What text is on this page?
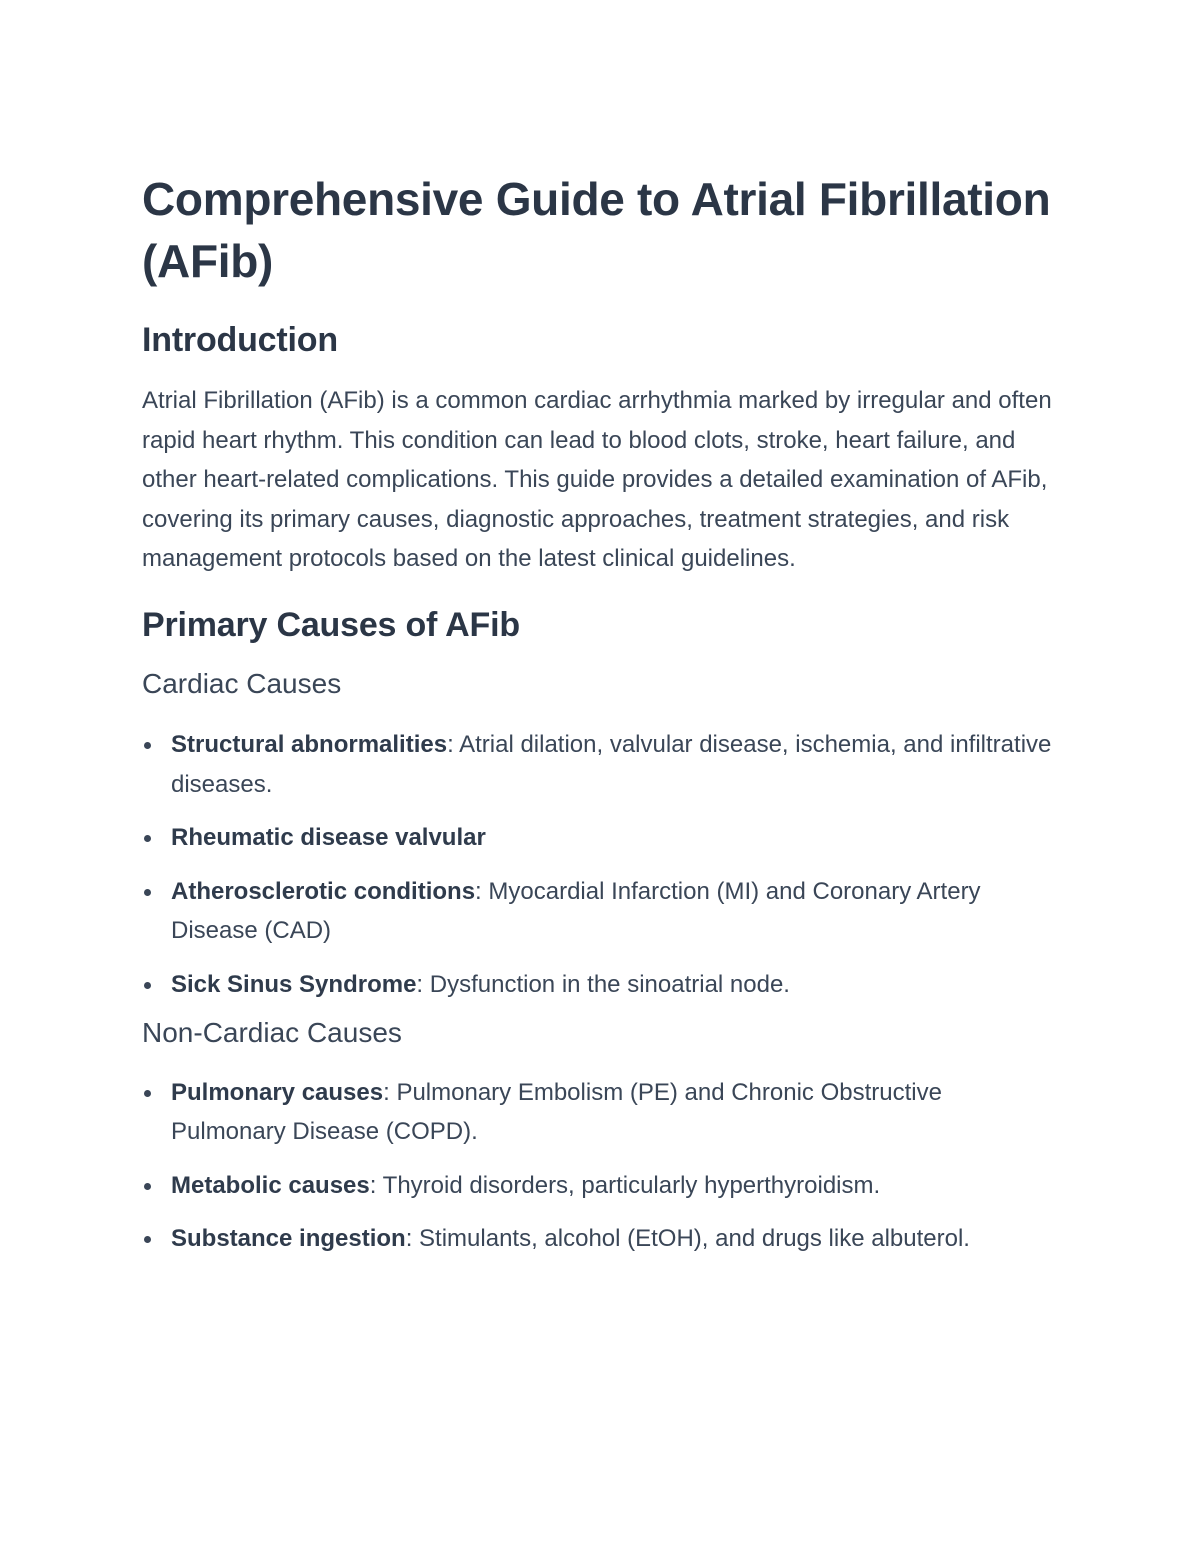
Comprehensive Guide to Atrial Fibrillation (AFib)
Introduction

Atrial Fibrillation (AFib) is a common cardiac arrhythmia marked by irregular and often rapid heart rhythm. This condition can lead to blood clots, stroke, heart failure, and other heart-related complications. This guide provides a detailed examination of AFib, covering its primary causes, diagnostic approaches, treatment strategies, and risk management protocols based on the latest clinical guidelines.

Primary Causes of AFib
Cardiac Causes
Structural abnormalities: Atrial dilation, valvular disease, ischemia, and infiltrative diseases.
Rheumatic disease valvular
Atherosclerotic conditions: Myocardial Infarction (MI) and Coronary Artery Disease (CAD)
Sick Sinus Syndrome: Dysfunction in the sinoatrial node.
Non-Cardiac Causes
Pulmonary causes: Pulmonary Embolism (PE) and Chronic Obstructive Pulmonary Disease (COPD).
Metabolic causes: Thyroid disorders, particularly hyperthyroidism.
Substance ingestion: Stimulants, alcohol (EtOH), and drugs like albuterol.
